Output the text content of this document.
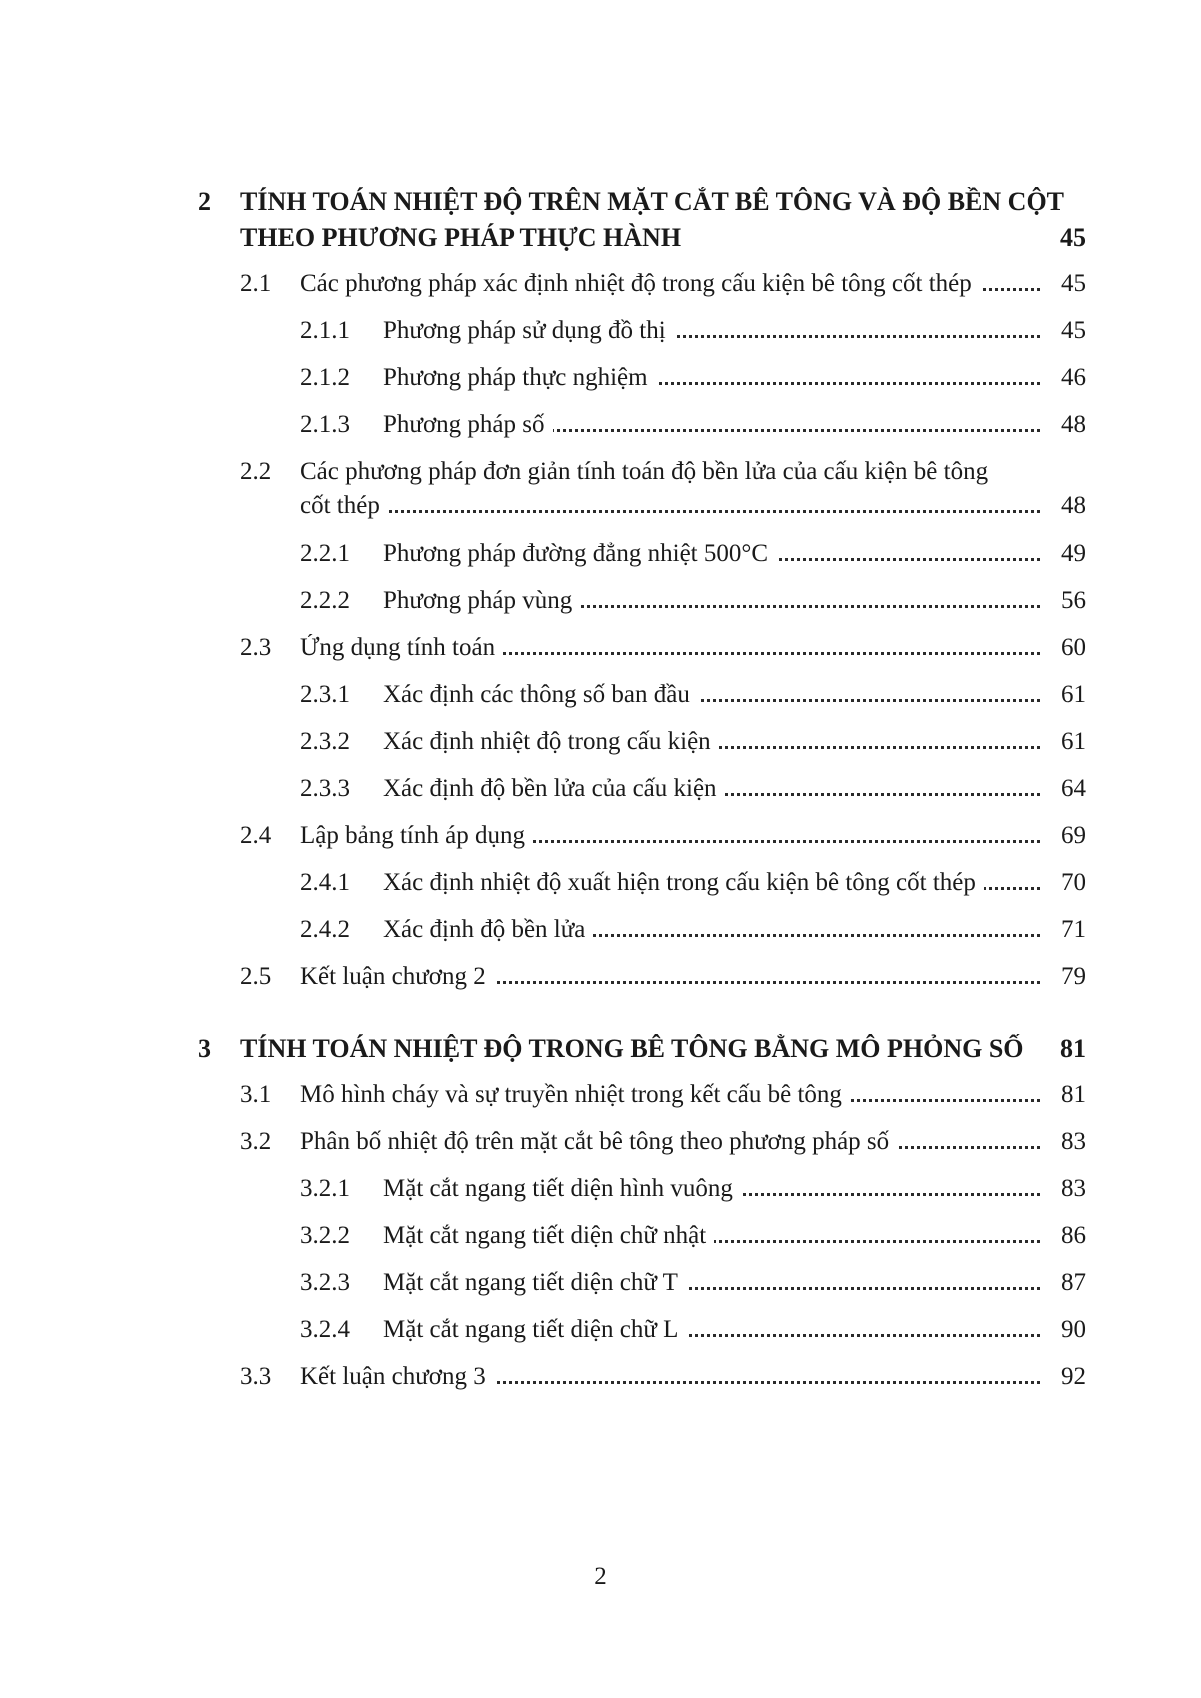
2 TÍNH TOÁN NHIỆT ĐỘ TRÊN MẶT CẮT BÊ TÔNG VÀ ĐỘ BỀN CỘT
THEO PHƯƠNG PHÁP THỰC HÀNH	45
2.1 Các phương pháp xác định nhiệt độ trong cấu kiện bê tông cốt thép	45
2.1.1 Phương pháp sử dụng đồ thị	45
2.1.2 Phương pháp thực nghiệm	46
2.1.3 Phương pháp số	48
2.2 Các phương pháp đơn giản tính toán độ bền lửa của cấu kiện bê tông
cốt thép	48
2.2.1 Phương pháp đường đẳng nhiệt 500°C	49
2.2.2 Phương pháp vùng	56
2.3 Ứng dụng tính toán	60
2.3.1 Xác định các thông số ban đầu	61
2.3.2 Xác định nhiệt độ trong cấu kiện	61
2.3.3 Xác định độ bền lửa của cấu kiện	64
2.4 Lập bảng tính áp dụng	69
2.4.1 Xác định nhiệt độ xuất hiện trong cấu kiện bê tông cốt thép	70
2.4.2 Xác định độ bền lửa	71
2.5 Kết luận chương 2	79
3 TÍNH TOÁN NHIỆT ĐỘ TRONG BÊ TÔNG BẰNG MÔ PHỎNG SỐ	81
3.1 Mô hình cháy và sự truyền nhiệt trong kết cấu bê tông	81
3.2 Phân bố nhiệt độ trên mặt cắt bê tông theo phương pháp số	83
3.2.1 Mặt cắt ngang tiết diện hình vuông	83
3.2.2 Mặt cắt ngang tiết diện chữ nhật	86
3.2.3 Mặt cắt ngang tiết diện chữ T	87
3.2.4 Mặt cắt ngang tiết diện chữ L	90
3.3 Kết luận chương 3	92
2
